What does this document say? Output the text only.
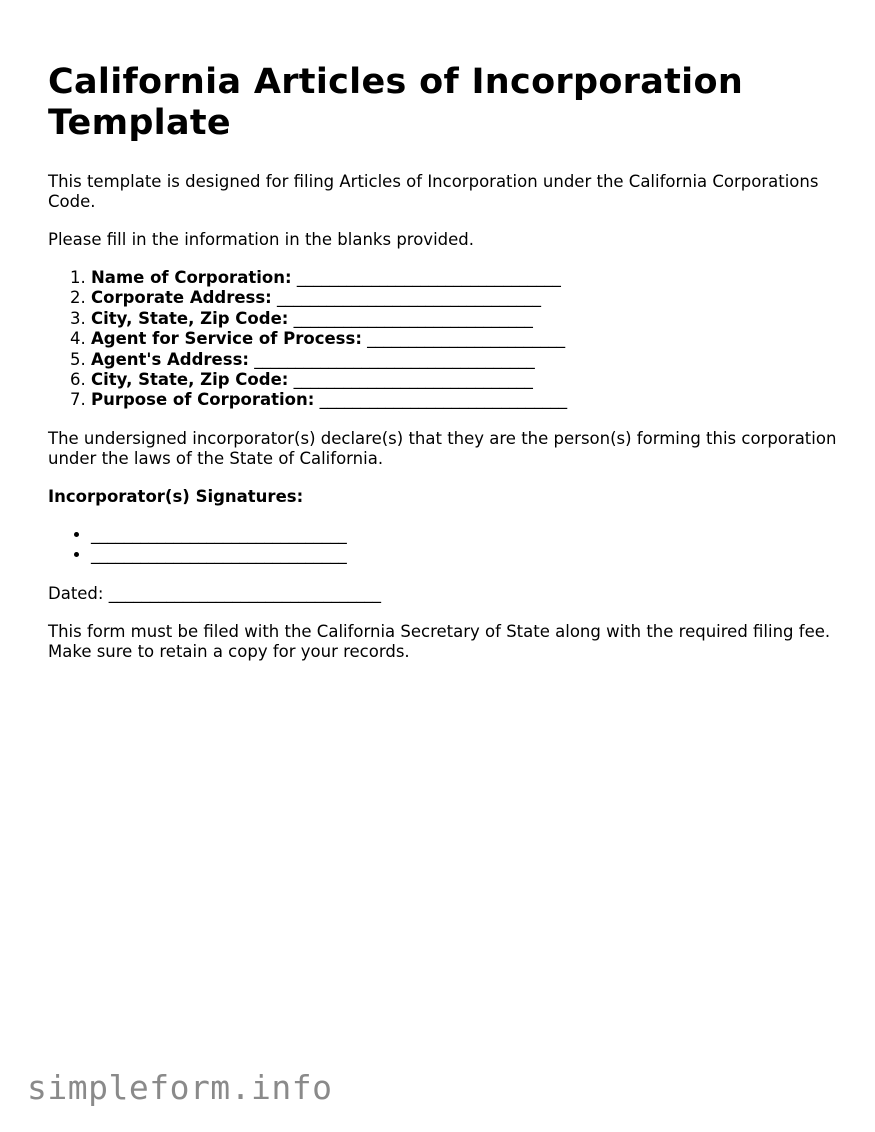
California Articles of Incorporation Template

This template is designed for filing Articles of Incorporation under the California Corporations Code.

Please fill in the information in the blanks provided.

1. Name of Corporation: ________________________________
2. Corporate Address: ________________________________
3. City, State, Zip Code: _____________________________
4. Agent for Service of Process: ________________________
5. Agent's Address: __________________________________
6. City, State, Zip Code: _____________________________
7. Purpose of Corporation: ______________________________

The undersigned incorporator(s) declare(s) that they are the person(s) forming this corporation under the laws of the State of California.

Incorporator(s) Signatures:

• _______________________________
• _______________________________

Dated: _________________________________

This form must be filed with the California Secretary of State along with the required filing fee. Make sure to retain a copy for your records.

simpleform.info
